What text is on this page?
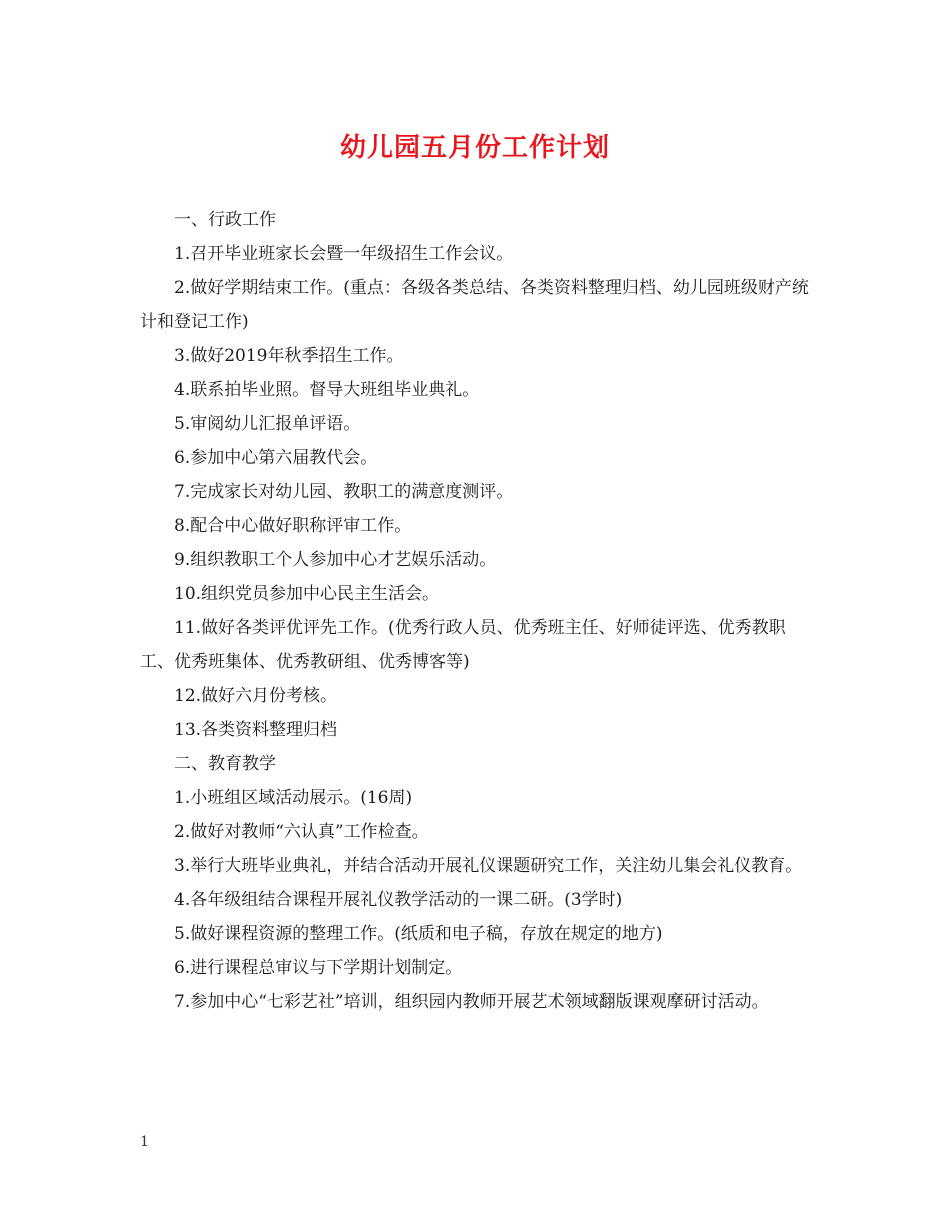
幼儿园五月份工作计划

一、行政工作

1.召开毕业班家长会暨一年级招生工作会议。

2.做好学期结束工作。(重点：各级各类总结、各类资料整理归档、幼儿园班级财产统计和登记工作)

3.做好2019年秋季招生工作。

4.联系拍毕业照。督导大班组毕业典礼。

5.审阅幼儿汇报单评语。

6.参加中心第六届教代会。

7.完成家长对幼儿园、教职工的满意度测评。

8.配合中心做好职称评审工作。

9.组织教职工个人参加中心才艺娱乐活动。

10.组织党员参加中心民主生活会。

11.做好各类评优评先工作。(优秀行政人员、优秀班主任、好师徒评选、优秀教职工、优秀班集体、优秀教研组、优秀博客等)

12.做好六月份考核。

13.各类资料整理归档

二、教育教学

1.小班组区域活动展示。(16周)

2.做好对教师“六认真”工作检查。

3.举行大班毕业典礼，并结合活动开展礼仪课题研究工作，关注幼儿集会礼仪教育。

4.各年级组结合课程开展礼仪教学活动的一课二研。(3学时)

5.做好课程资源的整理工作。(纸质和电子稿，存放在规定的地方)

6.进行课程总审议与下学期计划制定。

7.参加中心“七彩艺社”培训，组织园内教师开展艺术领域翻版课观摩研讨活动。

1
